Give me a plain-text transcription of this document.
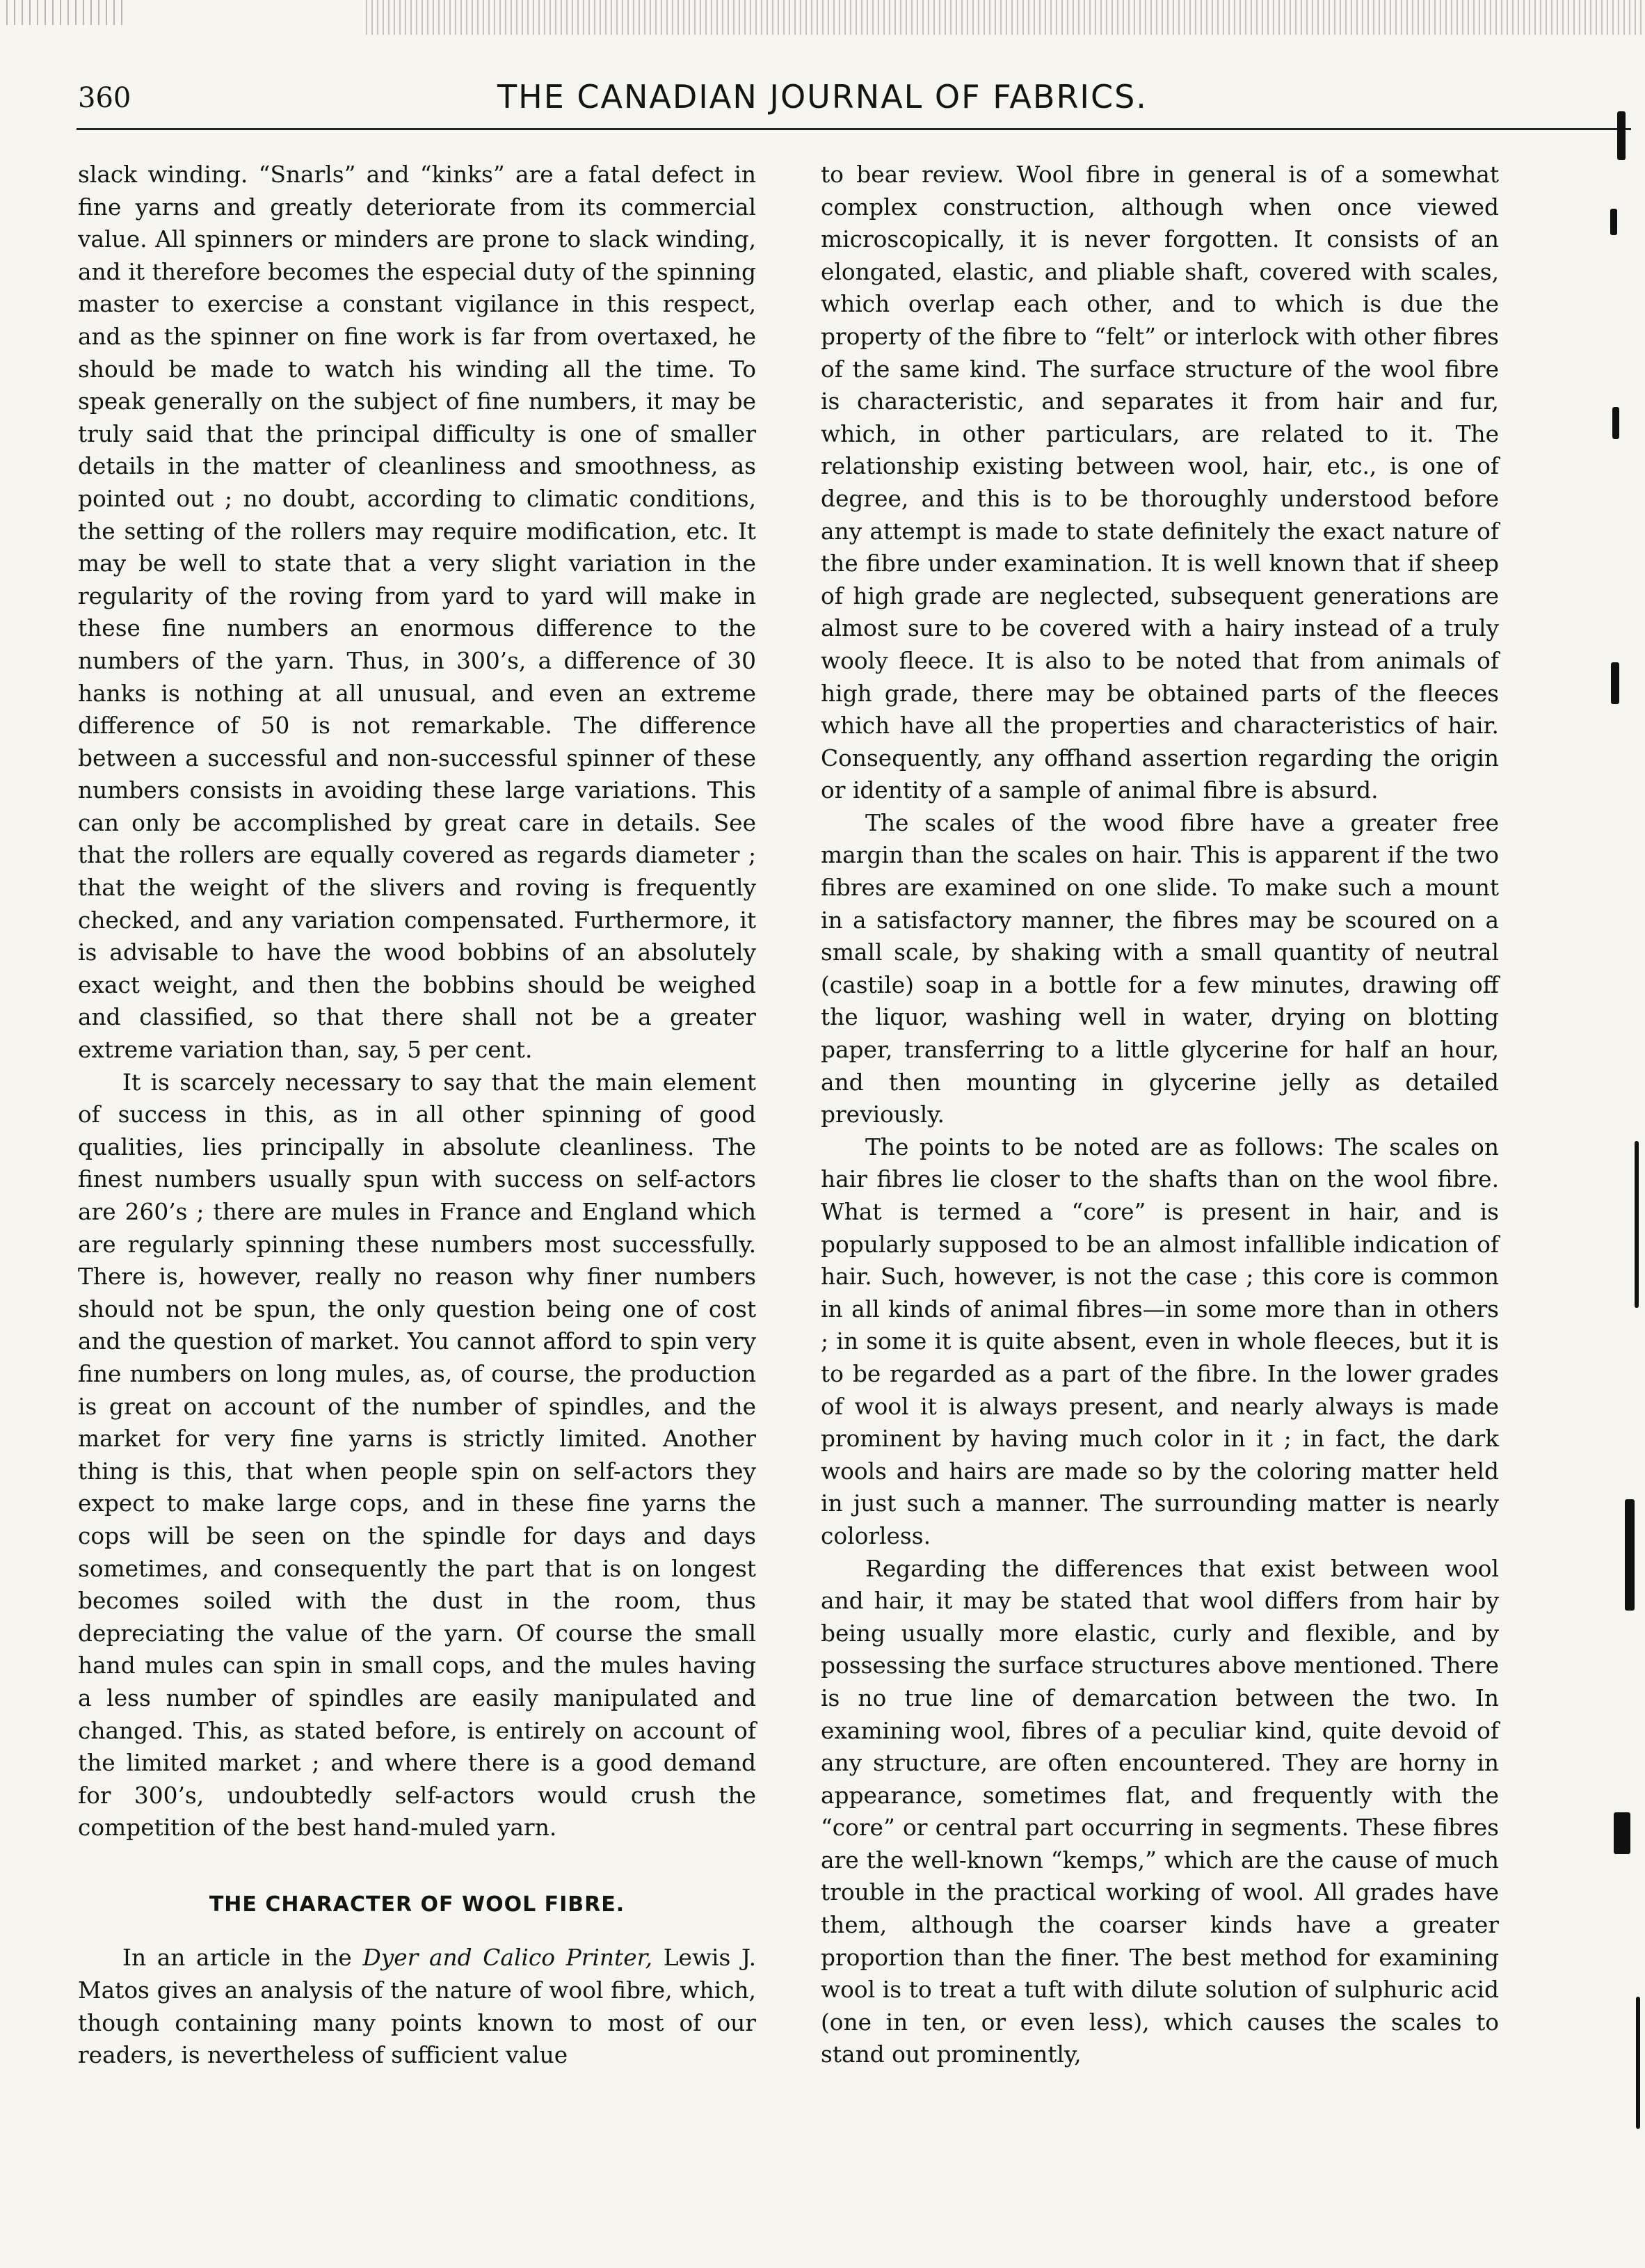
360	THE CANADIAN JOURNAL OF FABRICS.

slack winding. “Snarls” and “kinks” are a fatal defect in fine yarns and greatly deteriorate from its commercial value. All spinners or minders are prone to slack winding, and it therefore becomes the especial duty of the spinning master to exercise a constant vigilance in this respect, and as the spinner on fine work is far from overtaxed, he should be made to watch his winding all the time. To speak generally on the subject of fine numbers, it may be truly said that the principal difficulty is one of smaller details in the matter of cleanliness and smoothness, as pointed out ; no doubt, according to climatic conditions, the setting of the rollers may require modification, etc. It may be well to state that a very slight variation in the regularity of the roving from yard to yard will make in these fine numbers an enormous difference to the numbers of the yarn. Thus, in 300’s, a difference of 30 hanks is nothing at all unusual, and even an extreme difference of 50 is not remarkable. The difference between a successful and non-successful spinner of these numbers consists in avoiding these large variations. This can only be accomplished by great care in details. See that the rollers are equally covered as regards diameter ; that the weight of the slivers and roving is frequently checked, and any variation compensated. Furthermore, it is advisable to have the wood bobbins of an absolutely exact weight, and then the bobbins should be weighed and classified, so that there shall not be a greater extreme variation than, say, 5 per cent.

It is scarcely necessary to say that the main element of success in this, as in all other spinning of good qualities, lies principally in absolute cleanliness. The finest numbers usually spun with success on self-actors are 260’s ; there are mules in France and England which are regularly spinning these numbers most successfully. There is, however, really no reason why finer numbers should not be spun, the only question being one of cost and the question of market. You cannot afford to spin very fine numbers on long mules, as, of course, the production is great on account of the number of spindles, and the market for very fine yarns is strictly limited. Another thing is this, that when people spin on self-actors they expect to make large cops, and in these fine yarns the cops will be seen on the spindle for days and days sometimes, and consequently the part that is on longest becomes soiled with the dust in the room, thus depreciating the value of the yarn. Of course the small hand mules can spin in small cops, and the mules having a less number of spindles are easily manipulated and changed. This, as stated before, is entirely on account of the limited market ; and where there is a good demand for 300’s, undoubtedly self-actors would crush the competition of the best hand-muled yarn.

THE CHARACTER OF WOOL FIBRE.

In an article in the Dyer and Calico Printer, Lewis J. Matos gives an analysis of the nature of wool fibre, which, though containing many points known to most of our readers, is nevertheless of sufficient value

to bear review. Wool fibre in general is of a somewhat complex construction, although when once viewed microscopically, it is never forgotten. It consists of an elongated, elastic, and pliable shaft, covered with scales, which overlap each other, and to which is due the property of the fibre to “felt” or interlock with other fibres of the same kind. The surface structure of the wool fibre is characteristic, and separates it from hair and fur, which, in other particulars, are related to it. The relationship existing between wool, hair, etc., is one of degree, and this is to be thoroughly understood before any attempt is made to state definitely the exact nature of the fibre under examination. It is well known that if sheep of high grade are neglected, subsequent generations are almost sure to be covered with a hairy instead of a truly wooly fleece. It is also to be noted that from animals of high grade, there may be obtained parts of the fleeces which have all the properties and characteristics of hair. Consequently, any offhand assertion regarding the origin or identity of a sample of animal fibre is absurd.

The scales of the wood fibre have a greater free margin than the scales on hair. This is apparent if the two fibres are examined on one slide. To make such a mount in a satisfactory manner, the fibres may be scoured on a small scale, by shaking with a small quantity of neutral (castile) soap in a bottle for a few minutes, drawing off the liquor, washing well in water, drying on blotting paper, transferring to a little glycerine for half an hour, and then mounting in glycerine jelly as detailed previously.

The points to be noted are as follows: The scales on hair fibres lie closer to the shafts than on the wool fibre. What is termed a “core” is present in hair, and is popularly supposed to be an almost infallible indication of hair. Such, however, is not the case ; this core is common in all kinds of animal fibres—in some more than in others ; in some it is quite absent, even in whole fleeces, but it is to be regarded as a part of the fibre. In the lower grades of wool it is always present, and nearly always is made prominent by having much color in it ; in fact, the dark wools and hairs are made so by the coloring matter held in just such a manner. The surrounding matter is nearly colorless.

Regarding the differences that exist between wool and hair, it may be stated that wool differs from hair by being usually more elastic, curly and flexible, and by possessing the surface structures above mentioned. There is no true line of demarcation between the two. In examining wool, fibres of a peculiar kind, quite devoid of any structure, are often encountered. They are horny in appearance, sometimes flat, and frequently with the “core” or central part occurring in segments. These fibres are the well-known “kemps,” which are the cause of much trouble in the practical working of wool. All grades have them, although the coarser kinds have a greater proportion than the finer. The best method for examining wool is to treat a tuft with dilute solution of sulphuric acid (one in ten, or even less), which causes the scales to stand out prominently,
